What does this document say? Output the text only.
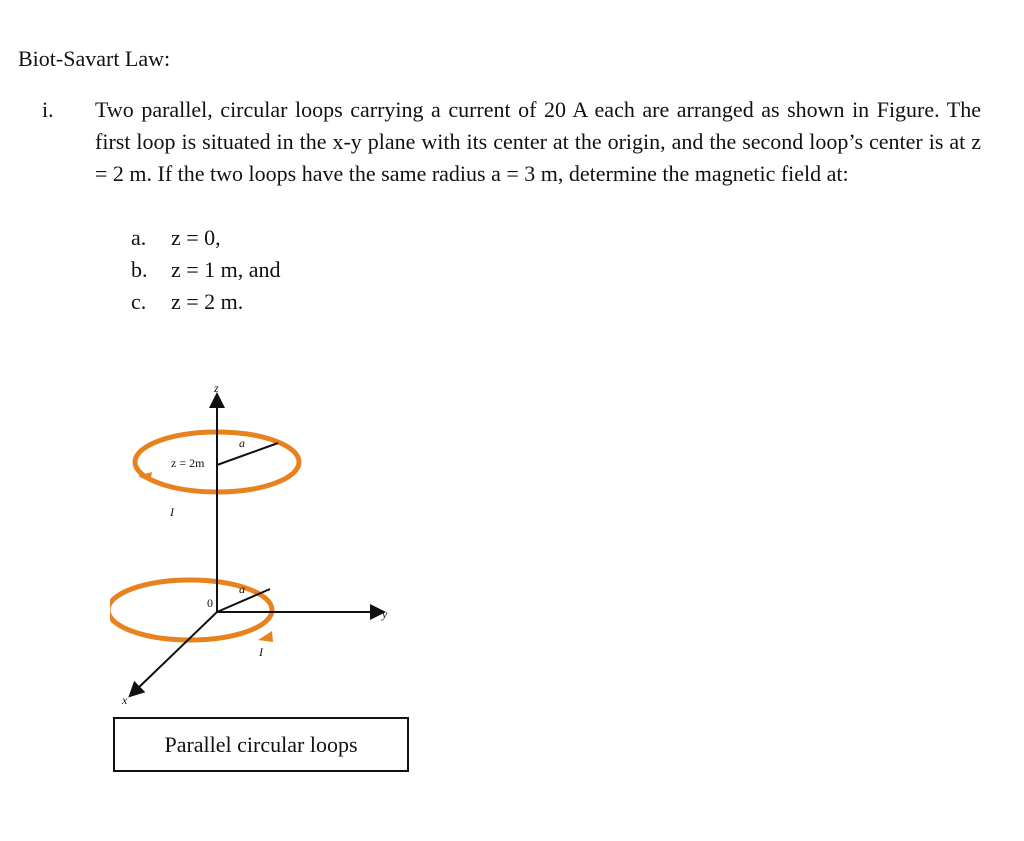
Biot-Savart Law:
i. Two parallel, circular loops carrying a current of 20 A each are arranged as shown in Figure. The first loop is situated in the x-y plane with its center at the origin, and the second loop’s center is at z = 2 m. If the two loops have the same radius a = 3 m, determine the magnetic field at:
a.	z = 0,
b.	z = 1 m, and
c.	z = 2 m.
z
y
x
z = 2m
a
I
0
a
I
Parallel circular loops
